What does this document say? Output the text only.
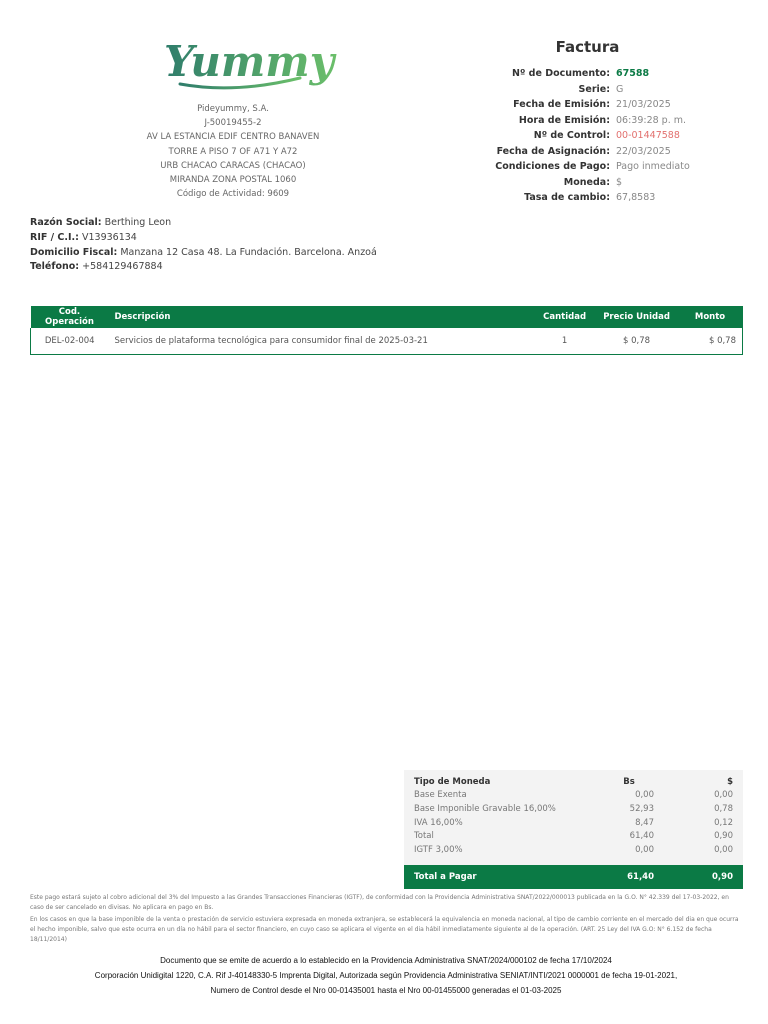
Yummy
Pideyummy, S.A.
J-50019455-2
AV LA ESTANCIA EDIF CENTRO BANAVEN
TORRE A PISO 7 OF A71 Y A72
URB CHACAO CARACAS (CHACAO)
MIRANDA ZONA POSTAL 1060
Código de Actividad: 9609
Factura
Nº de Documento: 67588
Serie: G
Fecha de Emisión: 21/03/2025
Hora de Emisión: 06:39:28 p. m.
Nº de Control: 00-01447588
Fecha de Asignación: 22/03/2025
Condiciones de Pago: Pago inmediato
Moneda: $
Tasa de cambio: 67,8583
Razón Social: Berthing Leon
RIF / C.I.: V13936134
Domicilio Fiscal: Manzana 12 Casa 48. La Fundación. Barcelona. Anzoá
Teléfono: +584129467884
Cod. Operación	Descripción	Cantidad	Precio Unidad	Monto
DEL-02-004	Servicios de plataforma tecnológica para consumidor final de 2025-03-21	1	$ 0,78	$ 0,78
Tipo de Moneda	Bs	$
Base Exenta	0,00	0,00
Base Imponible Gravable 16,00%	52,93	0,78
IVA 16,00%	8,47	0,12
Total	61,40	0,90
IGTF 3,00%	0,00	0,00

Total a Pagar	61,40	0,90
Este pago estará sujeto al cobro adicional del 3% del Impuesto a las Grandes Transacciones Financieras (IGTF), de conformidad con la Providencia Administrativa SNAT/2022/000013 publicada en la G.O. N° 42.339 del 17-03-2022, en caso de ser cancelado en divisas. No aplicara en pago en Bs.
En los casos en que la base imponible de la venta o prestación de servicio estuviera expresada en moneda extranjera, se establecerá la equivalencia en moneda nacional, al tipo de cambio corriente en el mercado del dia en que ocurra el hecho imponible, salvo que este ocurra en un día no hábil para el sector financiero, en cuyo caso se aplicara el vigente en el dia hábil inmediatamente siguiente al de la operación. (ART. 25 Ley del IVA G.O: N° 6.152 de fecha 18/11/2014)
Documento que se emite de acuerdo a lo establecido en la Providencia Administrativa SNAT/2024/000102 de fecha 17/10/2024
Corporación Unidigital 1220, C.A. Rif J-40148330-5 Imprenta Digital, Autorizada según Providencia Administrativa SENIAT/INTI/2021 0000001 de fecha 19-01-2021,
Numero de Control desde el Nro 00-01435001 hasta el Nro 00-01455000 generadas el 01-03-2025
